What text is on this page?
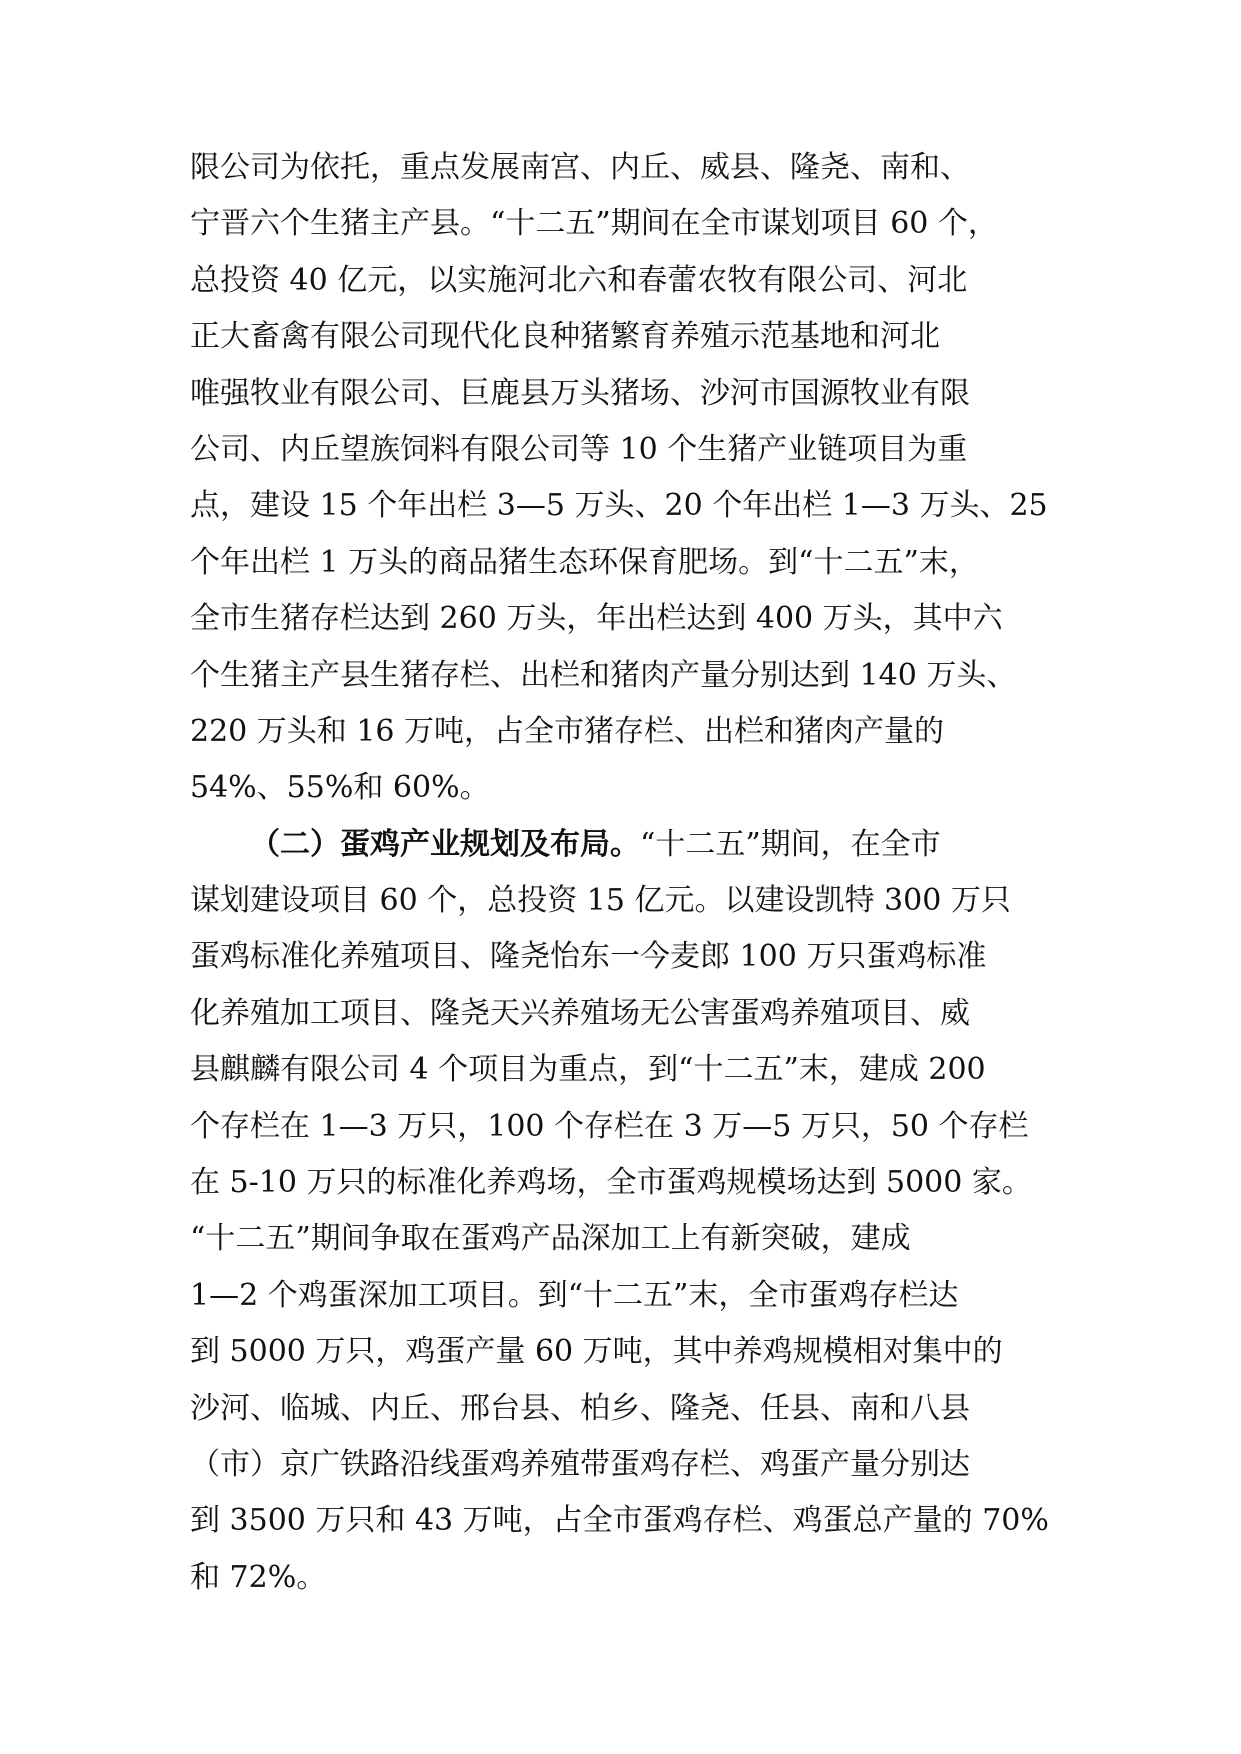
限公司为依托，重点发展南宫、内丘、威县、隆尧、南和、
宁晋六个生猪主产县。“十二五”期间在全市谋划项目 60 个，
总投资 40 亿元，以实施河北六和春蕾农牧有限公司、河北
正大畜禽有限公司现代化良种猪繁育养殖示范基地和河北
唯强牧业有限公司、巨鹿县万头猪场、沙河市国源牧业有限
公司、内丘望族饲料有限公司等 10 个生猪产业链项目为重
点，建设 15 个年出栏 3—5 万头、20 个年出栏 1—3 万头、25
个年出栏 1 万头的商品猪生态环保育肥场。到“十二五”末，
全市生猪存栏达到 260 万头，年出栏达到 400 万头，其中六
个生猪主产县生猪存栏、出栏和猪肉产量分别达到 140 万头、
220 万头和 16 万吨，占全市猪存栏、出栏和猪肉产量的
54%、55%和 60%。
（二）蛋鸡产业规划及布局。“十二五”期间，在全市
谋划建设项目 60 个，总投资 15 亿元。以建设凯特 300 万只
蛋鸡标准化养殖项目、隆尧怡东一今麦郎 100 万只蛋鸡标准
化养殖加工项目、隆尧天兴养殖场无公害蛋鸡养殖项目、威
县麒麟有限公司 4 个项目为重点，到“十二五”末，建成 200
个存栏在 1—3 万只，100 个存栏在 3 万—5 万只，50 个存栏
在 5-10 万只的标准化养鸡场，全市蛋鸡规模场达到 5000 家。
“十二五”期间争取在蛋鸡产品深加工上有新突破，建成
1—2 个鸡蛋深加工项目。到“十二五”末，全市蛋鸡存栏达
到 5000 万只，鸡蛋产量 60 万吨，其中养鸡规模相对集中的
沙河、临城、内丘、邢台县、柏乡、隆尧、任县、南和八县
（市）京广铁路沿线蛋鸡养殖带蛋鸡存栏、鸡蛋产量分别达
到 3500 万只和 43 万吨，占全市蛋鸡存栏、鸡蛋总产量的 70%
和 72%。
